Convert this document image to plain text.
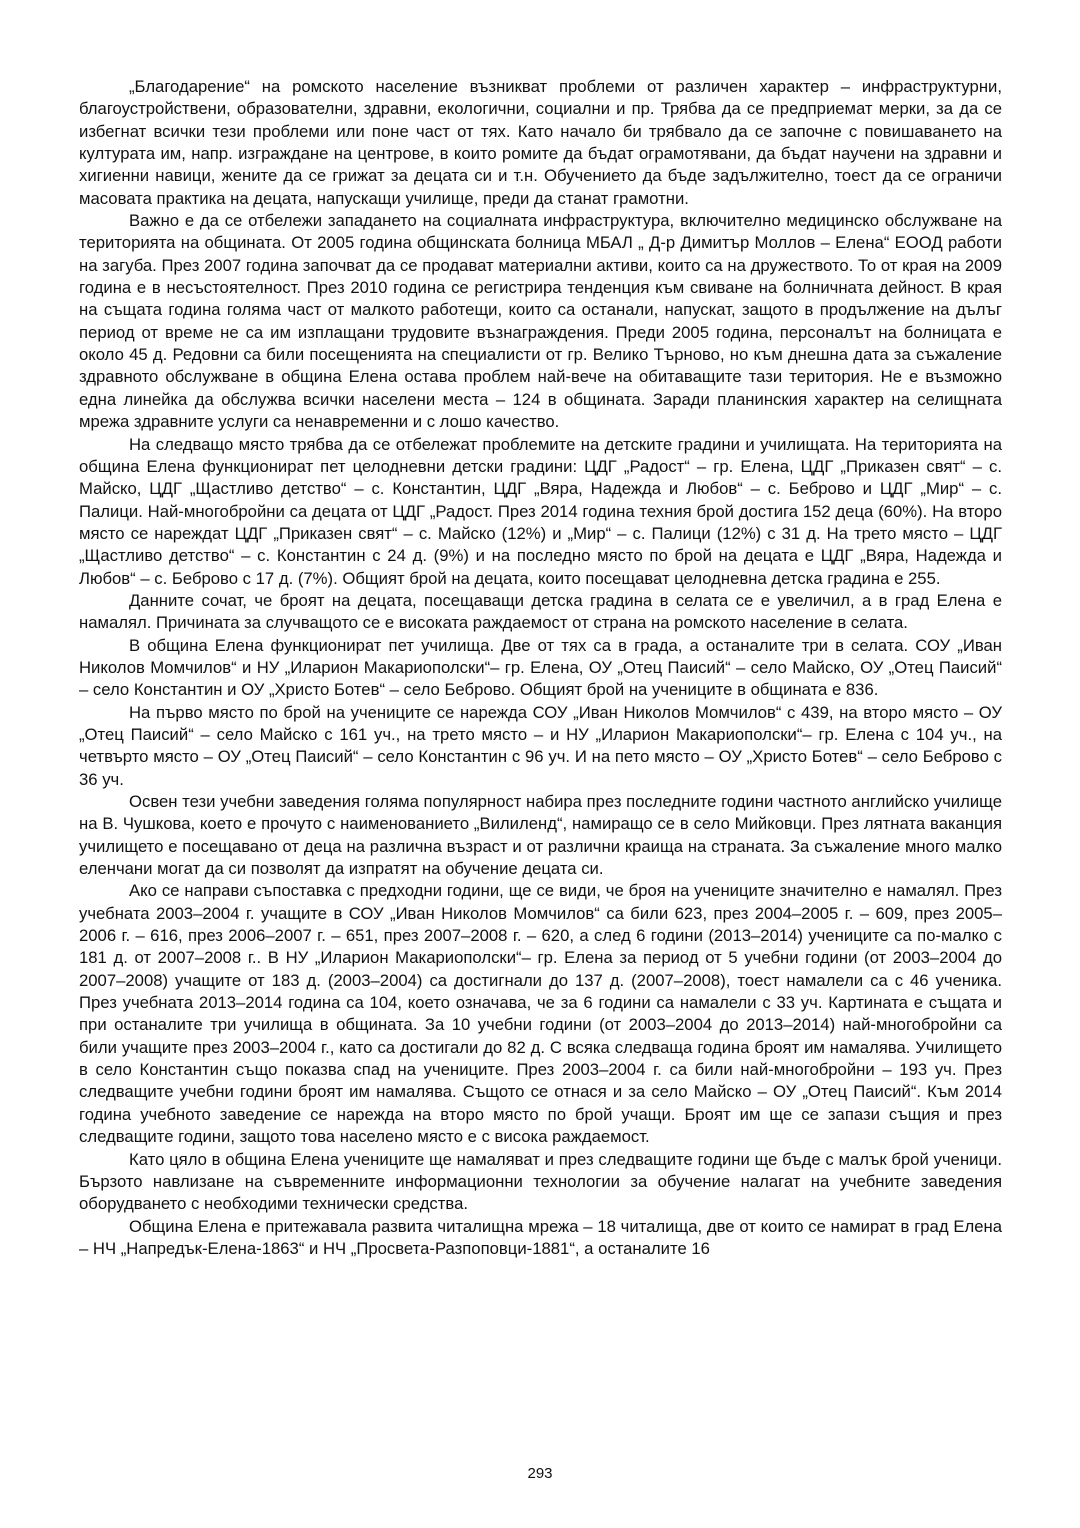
„Благодарение“ на ромското население възникват проблеми от различен характер – инфраструктурни, благоустройствени, образователни, здравни, екологични, социални и пр. Трябва да се предприемат мерки, за да се избегнат всички тези проблеми или поне част от тях. Като начало би трябвало да се започне с повишаването на културата им, напр. изграждане на центрове, в които ромите да бъдат ограмотявани, да бъдат научени на здравни и хигиенни навици, жените да се грижат за децата си и т.н. Обучението да бъде задължително, тоест да се ограничи масовата практика на децата, напускащи училище, преди да станат грамотни.

Важно е да се отбележи западането на социалната инфраструктура, включително медицинско обслужване на територията на общината. От 2005 година общинската болница МБАЛ „ Д-р Димитър Моллов – Елена“ ЕООД работи на загуба. През 2007 година започват да се продават материални активи, които са на дружеството. То от края на 2009 година е в несъстоятелност. През 2010 година се регистрира тенденция към свиване на болничната дейност. В края на същата година голяма част от малкото работещи, които са останали, напускат, защото в продължение на дълъг период от време не са им изплащани трудовите възнаграждения. Преди 2005 година, персоналът на болницата е около 45 д. Редовни са били посещенията на специалисти от гр. Велико Търново, но към днешна дата за съжаление здравното обслужване в община Елена остава проблем най-вече на обитаващите тази територия. Не е възможно една линейка да обслужва всички населени места – 124 в общината. Заради планинския характер на селищната мрежа здравните услуги са ненавременни и с лошо качество.

На следващо място трябва да се отбележат проблемите на детските градини и училищата. На територията на община Елена функционират пет целодневни детски градини: ЦДГ „Радост“ – гр. Елена, ЦДГ „Приказен свят“ – с. Майско, ЦДГ „Щастливо детство“ – с. Константин, ЦДГ „Вяра, Надежда и Любов“ – с. Беброво и ЦДГ „Мир“ – с. Палици. Най-многобройни са децата от ЦДГ „Радост. През 2014 година техния брой достига 152 деца (60%). На второ място се нареждат ЦДГ „Приказен свят“ – с. Майско (12%) и „Мир“ – с. Палици (12%) с 31 д. На трето място – ЦДГ „Щастливо детство“ – с. Константин с 24 д. (9%) и на последно място по брой на децата е ЦДГ „Вяра, Надежда и Любов“ – с. Беброво с 17 д. (7%). Общият брой на децата, които посещават целодневна детска градина е 255.

Данните сочат, че броят на децата, посещаващи детска градина в селата се е увеличил, а в град Елена е намалял. Причината за случващото се е високата раждаемост от страна на ромското население в селата.

В община Елена функционират пет училища. Две от тях са в града, а останалите три в селата. СОУ „Иван Николов Момчилов“ и НУ „Иларион Макариополски“– гр. Елена, ОУ „Отец Паисий“ – село Майско, ОУ „Отец Паисий“ – село Константин и ОУ „Христо Ботев“ – село Беброво. Общият брой на учениците в общината е 836.

На първо място по брой на учениците се нарежда СОУ „Иван Николов Момчилов“ с 439, на второ място – ОУ „Отец Паисий“ – село Майско с 161 уч., на трето място – и НУ „Иларион Макариополски“– гр. Елена с 104 уч., на четвърто място – ОУ „Отец Паисий“ – село Константин с 96 уч. И на пето място – ОУ „Христо Ботев“ – село Беброво с 36 уч.

Освен тези учебни заведения голяма популярност набира през последните години частното английско училище на В. Чушкова, което е прочуто с наименованието „Вилиленд“, намиращо се в село Мийковци. През лятната ваканция училището е посещавано от деца на различна възраст и от различни краища на страната. За съжаление много малко еленчани могат да си позволят да изпратят на обучение децата си.

Ако се направи съпоставка с предходни години, ще се види, че броя на учениците значително е намалял. През учебната 2003–2004 г. учащите в СОУ „Иван Николов Момчилов“ са били 623, през 2004–2005 г. – 609, през 2005–2006 г. – 616, през 2006–2007 г. – 651, през 2007–2008 г. – 620, а след 6 години (2013–2014) учениците са по-малко с 181 д. от 2007–2008 г.. В НУ „Иларион Макариополски“– гр. Елена за период от 5 учебни години (от 2003–2004 до 2007–2008) учащите от 183 д. (2003–2004) са достигнали до 137 д. (2007–2008), тоест намалели са с 46 ученика. През учебната 2013–2014 година са 104, което означава, че за 6 години са намалели с 33 уч. Картината е същата и при останалите три училища в общината. За 10 учебни години (от 2003–2004 до 2013–2014) най-многобройни са били учащите през 2003–2004 г., като са достигали до 82 д. С всяка следваща година броят им намалява. Училището в село Константин също показва спад на учениците. През 2003–2004 г. са били най-многобройни – 193 уч. През следващите учебни години броят им намалява. Същото се отнася и за село Майско – ОУ „Отец Паисий“. Към 2014 година учебното заведение се нарежда на второ място по брой учащи. Броят им ще се запази същия и през следващите години, защото това населено място е с висока раждаемост.

Като цяло в община Елена учениците ще намаляват и през следващите години ще бъде с малък брой ученици. Бързото навлизане на съвременните информационни технологии за обучение налагат на учебните заведения оборудването с необходими технически средства.

Община Елена е притежавала развита читалищна мрежа – 18 читалища, две от които се намират в град Елена – НЧ „Напредък-Елена-1863“ и НЧ „Просвета-Разпоповци-1881“, а останалите 16

293
